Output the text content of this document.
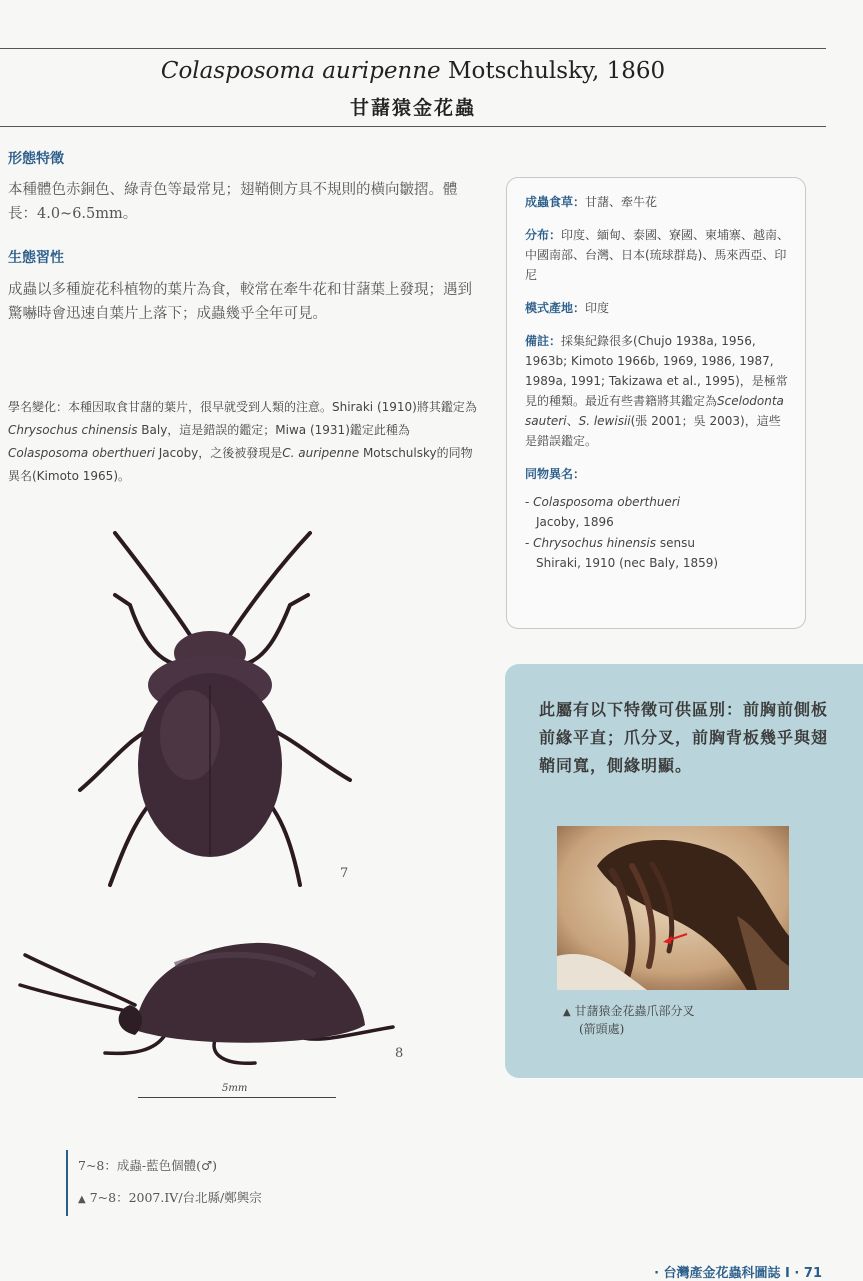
Colasposoma auripenne Motschulsky, 1860
甘藷猿金花蟲
形態特徵
本種體色赤銅色、綠青色等最常見；翅鞘側方具不規則的橫向皺摺。體長：4.0~6.5mm。
生態習性
成蟲以多種旋花科植物的葉片為食，較常在牽牛花和甘藷葉上發現；遇到驚嚇時會迅速自葉片上落下；成蟲幾乎全年可見。
學名變化：本種因取食甘藷的葉片，很早就受到人類的注意。Shiraki (1910)將其鑑定為Chrysochus chinensis Baly，這是錯誤的鑑定；Miwa (1931)鑑定此種為Colasposoma oberthueri Jacoby，之後被發現是C. auripenne Motschulsky的同物異名(Kimoto 1965)。

成蟲食草：甘藷、牽牛花

分布：印度、緬甸、泰國、寮國、柬埔寨、越南、中國南部、台灣、日本(琉球群島)、馬來西亞、印尼

模式產地：印度

備註：採集紀錄很多(Chujo 1938a, 1956, 1963b; Kimoto 1966b, 1969, 1986, 1987, 1989a, 1991; Takizawa et al., 1995)，是極常見的種類。最近有些書籍將其鑑定為Scelodonta sauteri、S. lewisii(張 2001；吳 2003)，這些是錯誤鑑定。

同物異名：

- Colasposoma oberthueri
Jacoby, 1896
- Chrysochus hinensis sensu
Shiraki, 1910 (nec Baly, 1859)
此屬有以下特徵可供區別：前胸前側板前緣平直；爪分叉，前胸背板幾乎與翅鞘同寬，側緣明顯。
▲ 甘藷猿金花蟲爪部分叉
(箭頭處)
7
8
5mm
7~8：成蟲-藍色個體(♂)
▲ 7~8：2007.IV/台北縣/鄭興宗
· 台灣產金花蟲科圖誌 I · 71
